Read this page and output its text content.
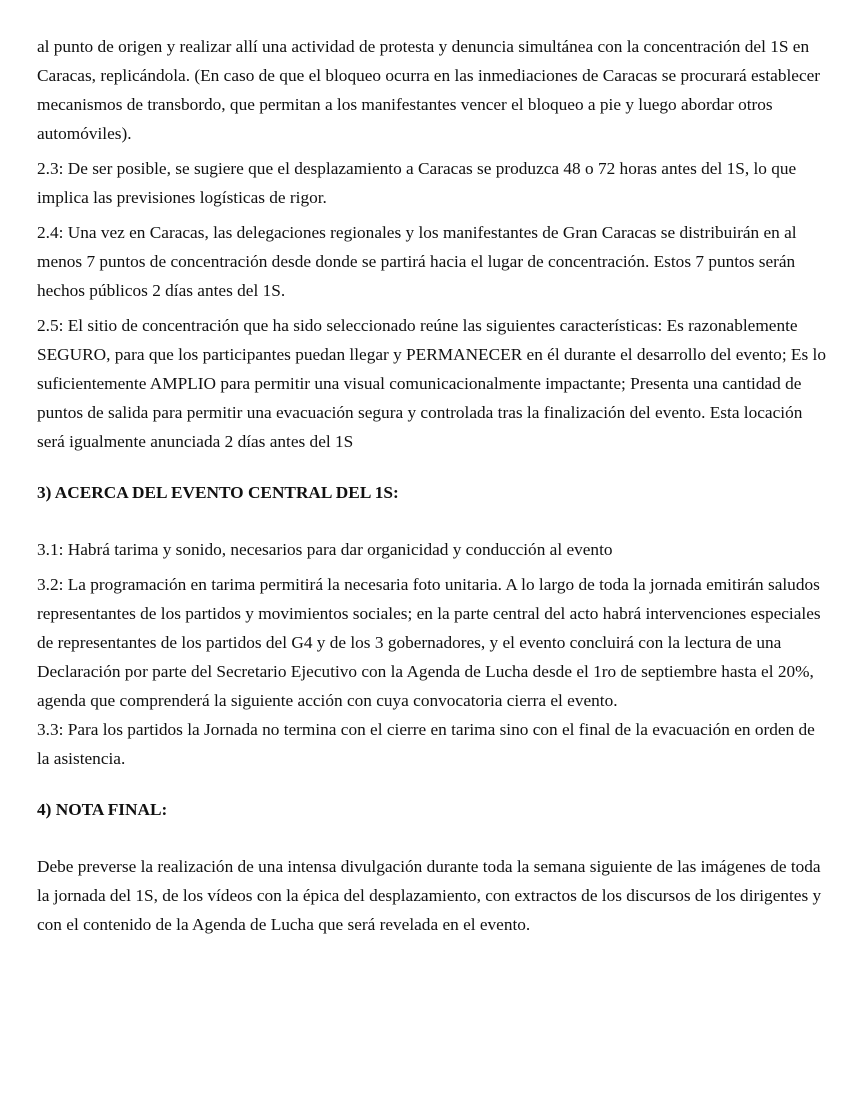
al punto de origen y realizar allí una actividad de protesta y denuncia simultánea con la concentración del 1S en Caracas, replicándola. (En caso de que el bloqueo ocurra en las inmediaciones de Caracas se procurará establecer mecanismos de transbordo, que permitan a los manifestantes vencer el bloqueo a pie y luego abordar otros automóviles).

2.3: De ser posible, se sugiere que el desplazamiento a Caracas se produzca 48 o 72 horas antes del 1S, lo que implica las previsiones logísticas de rigor.

2.4: Una vez en Caracas, las delegaciones regionales y los manifestantes de Gran Caracas se distribuirán en al menos 7 puntos de concentración desde donde se partirá hacia el lugar de concentración. Estos 7 puntos serán hechos públicos 2 días antes del 1S.

2.5: El sitio de concentración que ha sido seleccionado reúne las siguientes características: Es razonablemente SEGURO, para que los participantes puedan llegar y PERMANECER en él durante el desarrollo del evento; Es lo suficientemente AMPLIO para permitir una visual comunicacionalmente impactante; Presenta una cantidad de puntos de salida para permitir una evacuación segura y controlada tras la finalización del evento. Esta locación será igualmente anunciada 2 días antes del 1S

3) ACERCA DEL EVENTO CENTRAL DEL 1S:

3.1: Habrá tarima y sonido, necesarios para dar organicidad y conducción al evento

3.2: La programación en tarima permitirá la necesaria foto unitaria. A lo largo de toda la jornada emitirán saludos representantes de los partidos y movimientos sociales; en la parte central del acto habrá intervenciones especiales de representantes de los partidos del G4 y de los 3 gobernadores, y el evento concluirá con la lectura de una Declaración por parte del Secretario Ejecutivo con la Agenda de Lucha desde el 1ro de septiembre hasta el 20%, agenda que comprenderá la siguiente acción con cuya convocatoria cierra el evento.

3.3: Para los partidos la Jornada no termina con el cierre en tarima sino con el final de la evacuación en orden de la asistencia.

4) NOTA FINAL:

Debe preverse la realización de una intensa divulgación durante toda la semana siguiente de las imágenes de toda la jornada del 1S, de los vídeos con la épica del desplazamiento, con extractos de los discursos de los dirigentes y con el contenido de la Agenda de Lucha que será revelada en el evento.
